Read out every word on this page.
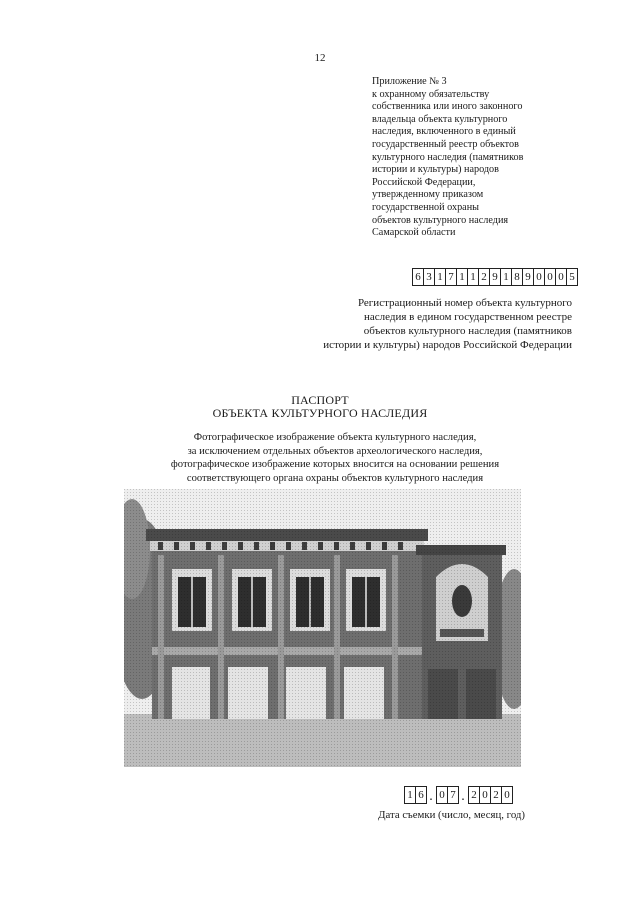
12
Приложение № 3
к охранному обязательству
собственника или иного законного
владельца объекта культурного
наследия, включенного в единый
государственный реестр объектов
культурного наследия (памятников
истории и культуры) народов
Российской Федерации,
утвержденному приказом
государственной охраны
объектов культурного наследия
Самарской области
6 3 1 7 1 1 2 9 1 8 9 0 0 0 5
Регистрационный номер объекта культурного
наследия в едином государственном реестре
объектов культурного наследия (памятников
истории и культуры) народов Российской Федерации
ПАСПОРТ
ОБЪЕКТА КУЛЬТУРНОГО НАСЛЕДИЯ
Фотографическое изображение объекта культурного наследия,
за исключением отдельных объектов археологического наследия,
фотографическое изображение которых вносится на основании решения
соответствующего органа охраны объектов культурного наследия
1 6 . 0 7 . 2 0 2 0
Дата съемки (число, месяц, год)
